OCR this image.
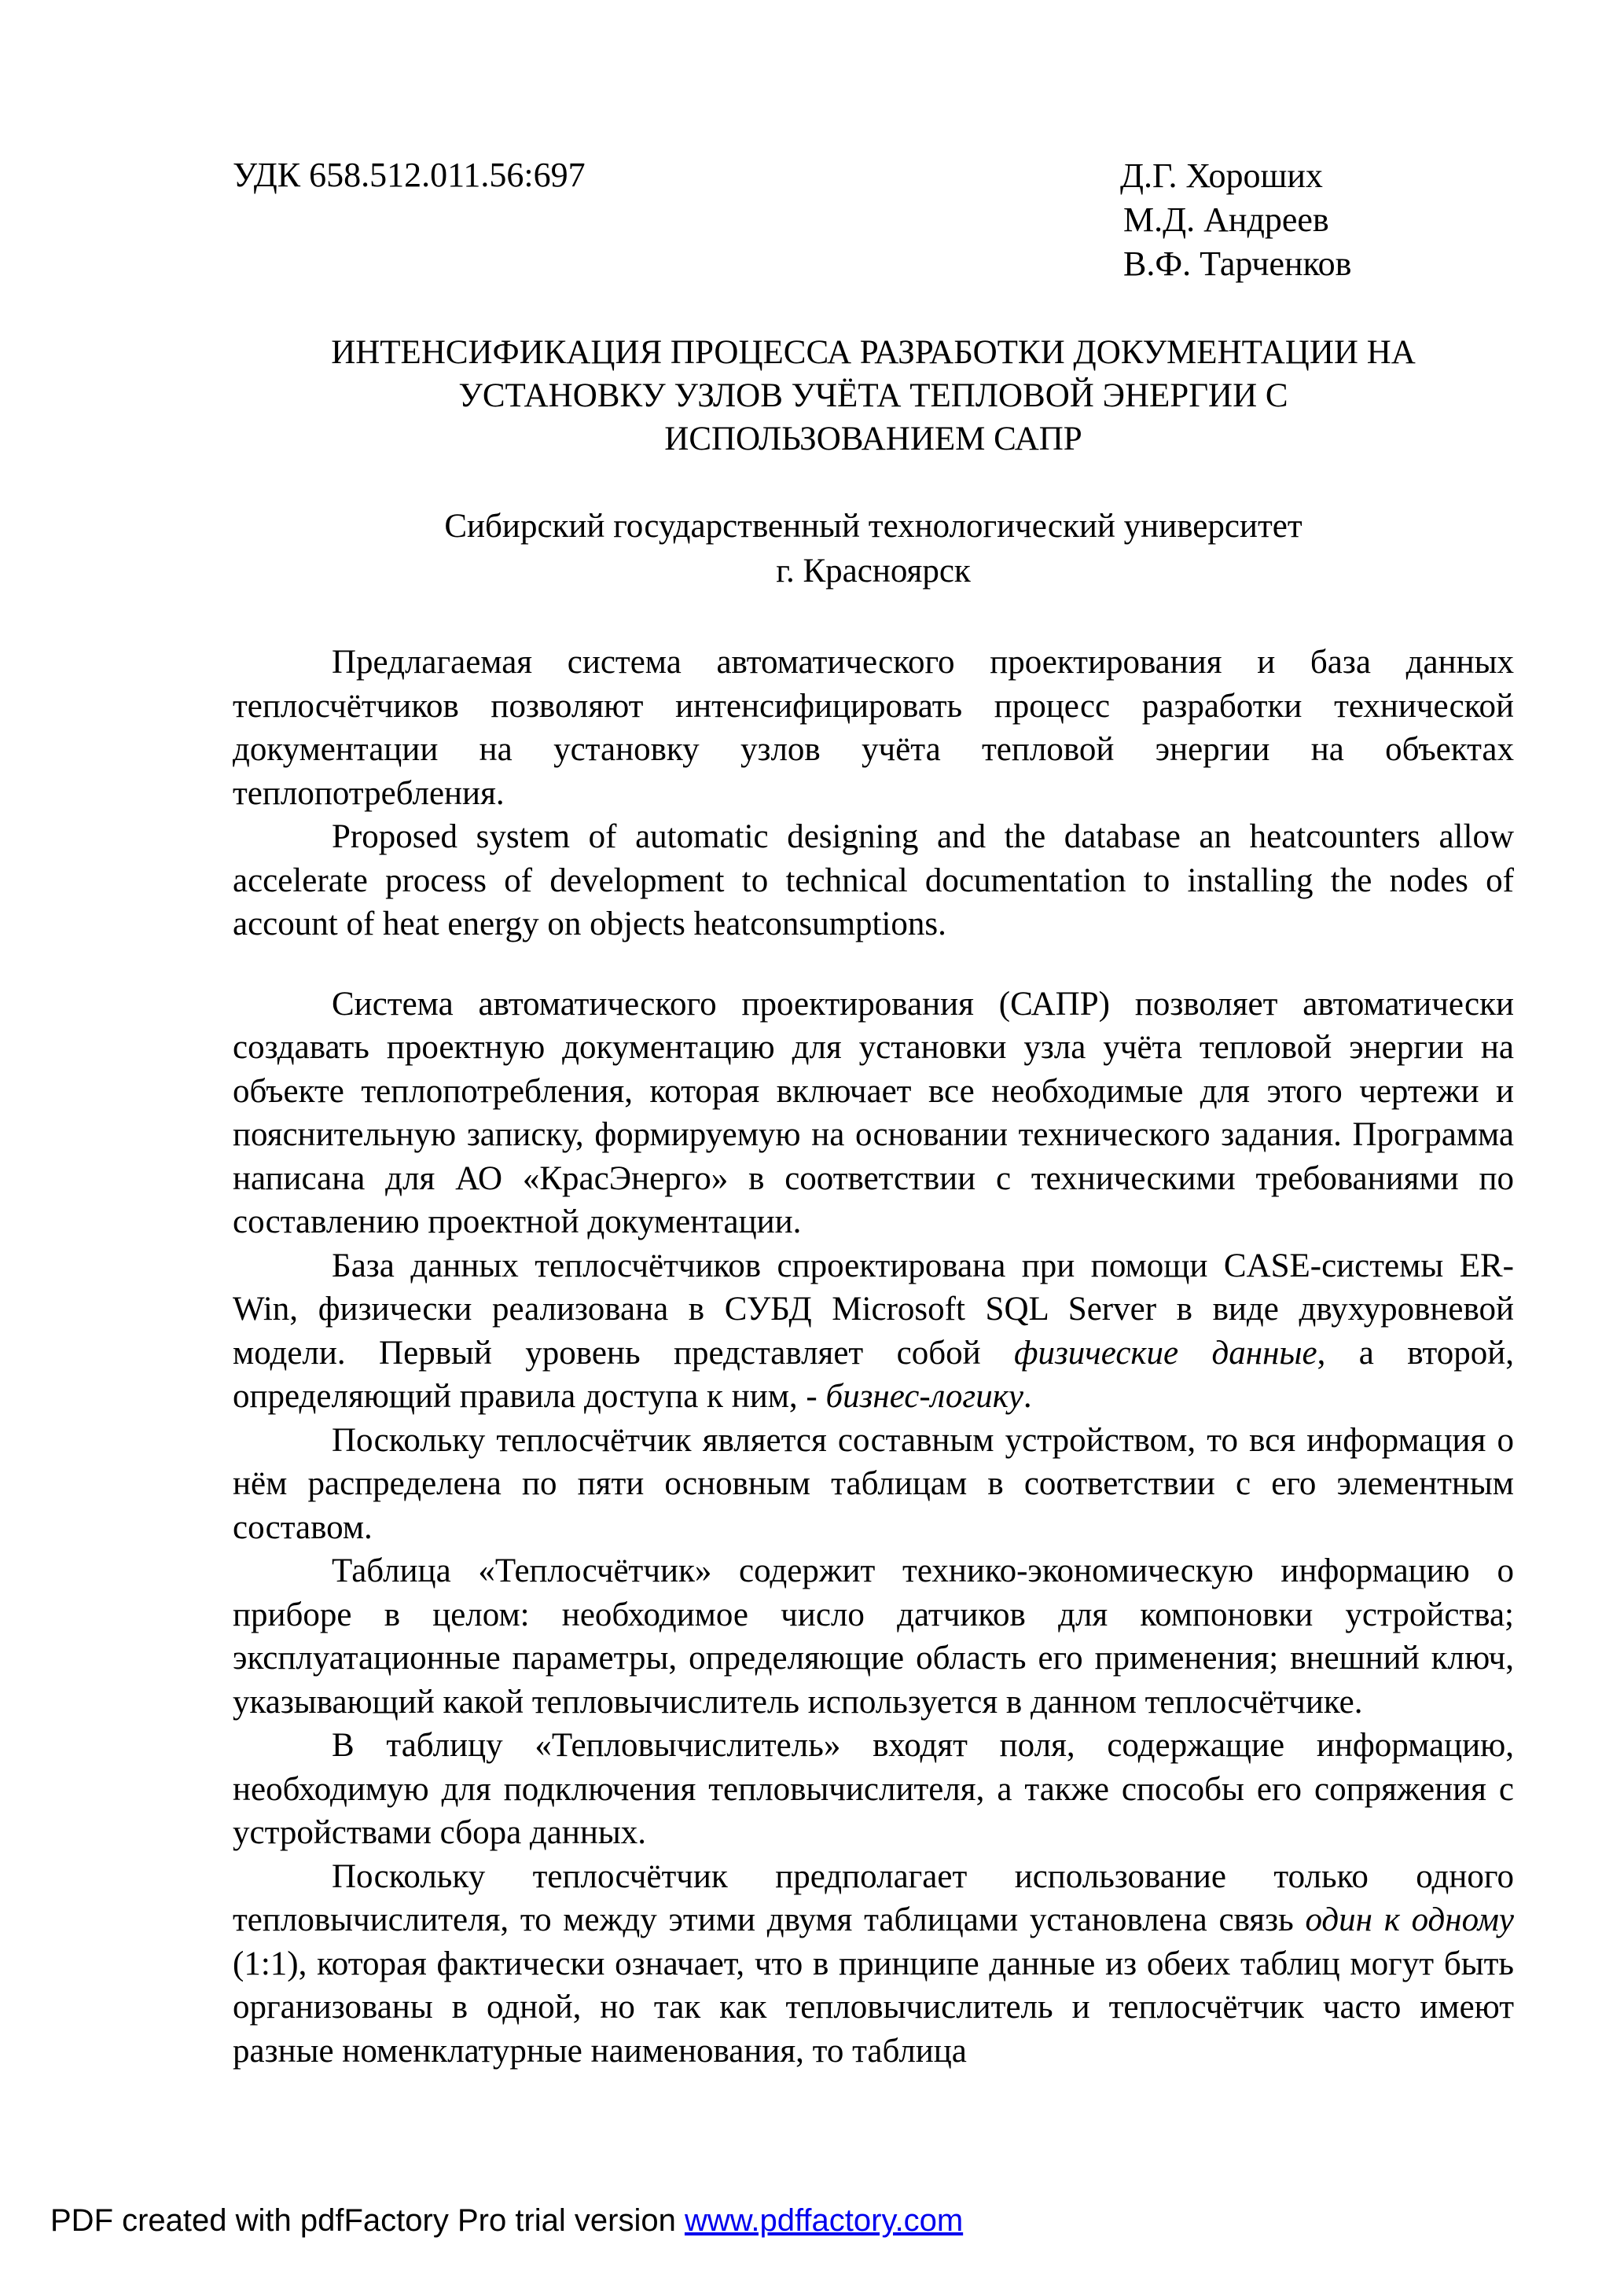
УДК 658.512.011.56:697	Д.Г. Хороших
М.Д. Андреев
В.Ф. Тарченков
ИНТЕНСИФИКАЦИЯ ПРОЦЕССА РАЗРАБОТКИ ДОКУМЕНТАЦИИ НА
УСТАНОВКУ УЗЛОВ УЧЁТА ТЕПЛОВОЙ ЭНЕРГИИ С
ИСПОЛЬЗОВАНИЕМ САПР
Сибирский государственный технологический университет
г. Красноярск

Предлагаемая система автоматического проектирования и база данных теплосчётчиков позволяют интенсифицировать процесс разработки технической документации на установку узлов учёта тепловой энергии на объектах теплопотребления.

Proposed system of automatic designing and the database an heatcounters allow accelerate process of development to technical documentation to installing the nodes of account of heat energy on objects heatconsumptions.

Система автоматического проектирования (САПР) позволяет автоматически создавать проектную документацию для установки узла учёта тепловой энергии на объекте теплопотребления, которая включает все необходимые для этого чертежи и пояснительную записку, формируемую на основании технического задания. Программа написана для АО «КрасЭнерго» в соответствии с техническими требованиями по составлению проектной документации.

База данных теплосчётчиков спроектирована при помощи CASE-системы ER-Win, физически реализована в СУБД Microsoft SQL Server в виде двухуровневой модели. Первый уровень представляет собой физические данные, а второй, определяющий правила доступа к ним, - бизнес-логику.

Поскольку теплосчётчик является составным устройством, то вся информация о нём распределена по пяти основным таблицам в соответствии с его элементным составом.

Таблица «Теплосчётчик» содержит технико-экономическую информацию о приборе в целом: необходимое число датчиков для компоновки устройства; эксплуатационные параметры, определяющие область его применения; внешний ключ, указывающий какой тепловычислитель используется в данном теплосчётчике.

В таблицу «Тепловычислитель» входят поля, содержащие информацию, необходимую для подключения тепловычислителя, а также способы его сопряжения с устройствами сбора данных.

Поскольку теплосчётчик предполагает использование только одного тепловычислителя, то между этими двумя таблицами установлена связь один к одному (1:1), которая фактически означает, что в принципе данные из обеих таблиц могут быть организованы в одной, но так как тепловычислитель и теплосчётчик часто имеют разные номенклатурные наименования, то таблица

PDF created with pdfFactory Pro trial version www.pdffactory.com
